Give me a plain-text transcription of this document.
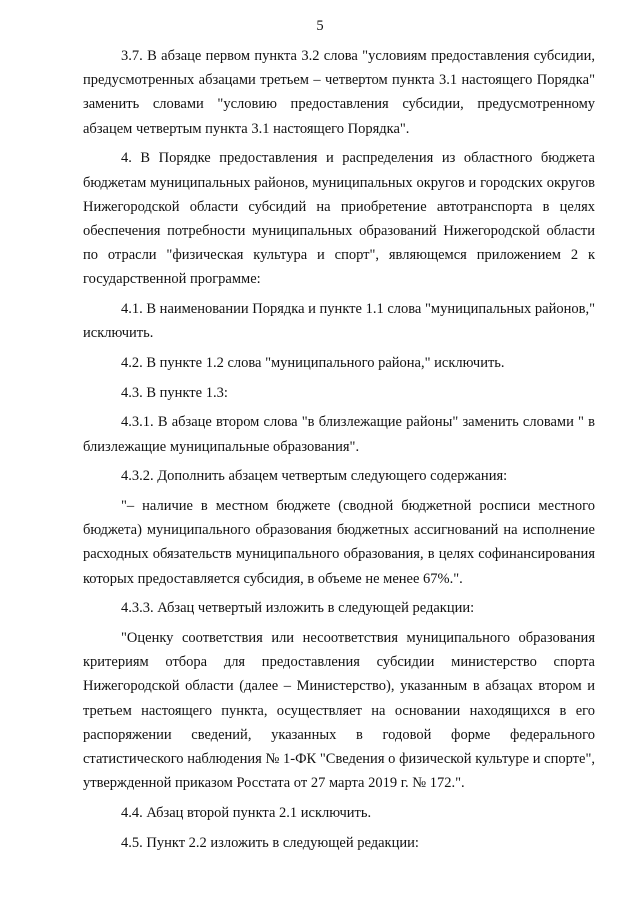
5

3.7. В абзаце первом пункта 3.2 слова "условиям предоставления субсидии, предусмотренных абзацами третьем – четвертом пункта 3.1 настоящего Порядка" заменить словами "условию предоставления субсидии, предусмотренному абзацем четвертым пункта 3.1 настоящего Порядка".

4. В Порядке предоставления и распределения из областного бюджета бюджетам муниципальных районов, муниципальных округов и городских округов Нижегородской области субсидий на приобретение автотранспорта в целях обеспечения потребности муниципальных образований Нижегородской области по отрасли "физическая культура и спорт", являющемся приложением 2 к государственной программе:

4.1. В наименовании Порядка и пункте 1.1 слова "муниципальных районов," исключить.

4.2. В пункте 1.2 слова "муниципального района," исключить.

4.3. В пункте 1.3:

4.3.1. В абзаце втором слова "в близлежащие районы" заменить словами " в близлежащие муниципальные образования".

4.3.2. Дополнить абзацем четвертым следующего содержания:

"– наличие в местном бюджете (сводной бюджетной росписи местного бюджета) муниципального образования бюджетных ассигнований на исполнение расходных обязательств муниципального образования, в целях софинансирования которых предоставляется субсидия, в объеме не менее 67%.".

4.3.3. Абзац четвертый изложить в следующей редакции:

"Оценку соответствия или несоответствия муниципального образования критериям отбора для предоставления субсидии министерство спорта Нижегородской области (далее – Министерство), указанным в абзацах втором и третьем настоящего пункта, осуществляет на основании находящихся в его распоряжении сведений, указанных в годовой форме федерального статистического наблюдения № 1-ФК "Сведения о физической культуре и спорте", утвержденной приказом Росстата от 27 марта 2019 г. № 172.".

4.4. Абзац второй пункта 2.1 исключить.

4.5. Пункт 2.2 изложить в следующей редакции:
